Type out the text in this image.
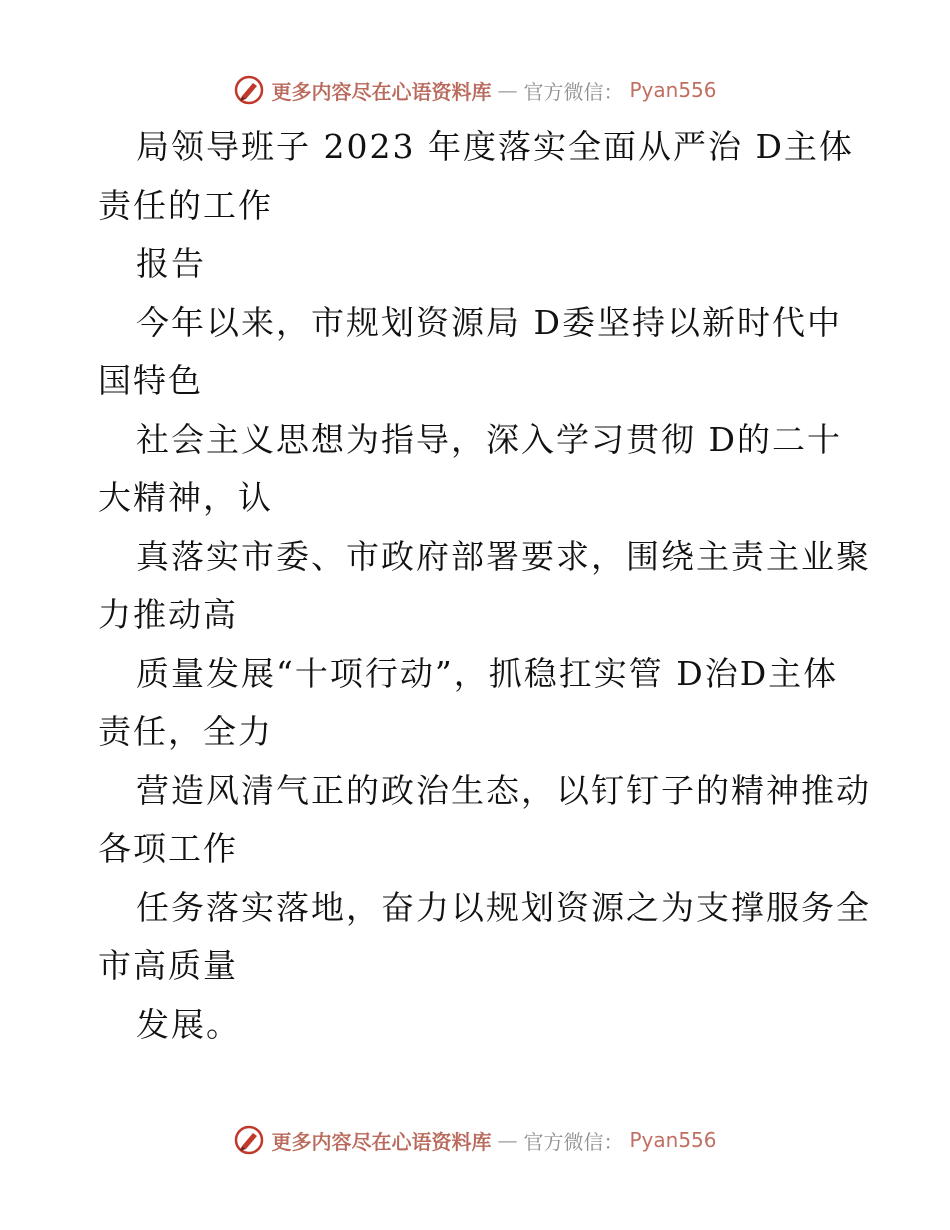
更多内容尽在心语资料库 — 官方微信： Pyan556
局领导班子 2023 年度落实全面从严治 D主体
责任的工作
报告
今年以来，市规划资源局 D委坚持以新时代中
国特色
社会主义思想为指导，深入学习贯彻 D的二十
大精神，认
真落实市委、市政府部署要求，围绕主责主业聚
力推动高
质量发展“十项行动”，抓稳扛实管 D治D主体
责任，全力
营造风清气正的政治生态，以钉钉子的精神推动
各项工作
任务落实落地，奋力以规划资源之为支撑服务全
市高质量
发展。
更多内容尽在心语资料库 — 官方微信： Pyan556
